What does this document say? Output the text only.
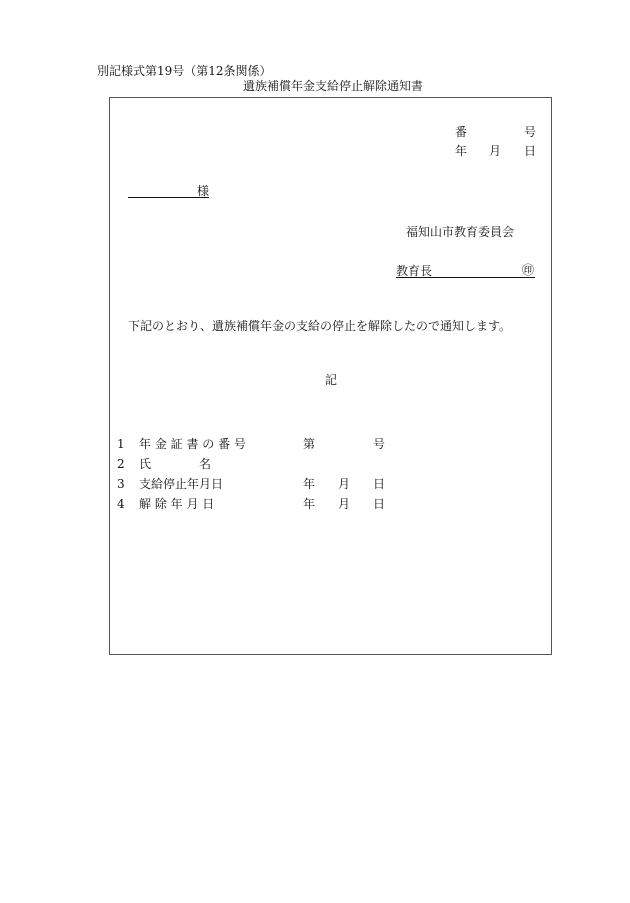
別記様式第19号（第12条関係）
遺族補償年金支給停止解除通知書
番	号
年 月 日
様
福知山市教育委員会
教育長	㊞
下記のとおり、遺族補償年金の支給の停止を解除したので通知します。
記
1 年 金 証 書 の 番 号	第	号
2 氏　　　　名
3 支給停止年月日	年 月 日
4 解 除 年 月 日	年 月 日
